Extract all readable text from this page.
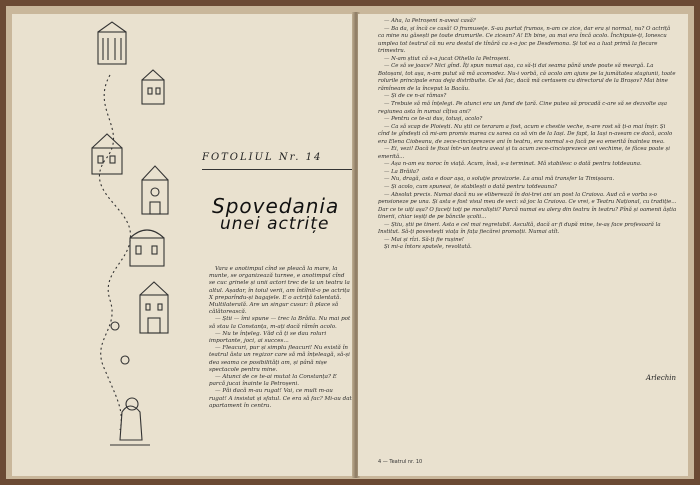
FOTOLIUL Nr. 14
Spovedania
unei actrițe

Vara e anotimpul cînd se pleacă la mare, la munte, se organizează turnee, e anotimpul cînd se cuc grinele și unii actori trec de la un teatru la altul. Așadar, în toiul verii, am întîlnit-o pe actrița X preparîndu-și bagajele. E o actriță talentată. Multilaterală. Are un singur cusur: îi place să călătorească.

— Știi — îmi spune — trec la Brăila. Nu mai pot să stau la Constanța, m-ați dacă rămîn acolo.

— Nu te înțeleg. Văd că ți se dau roluri importante, joci, ai succes...

— Fleacuri, pur și simplu fleacuri! Nu există în teatrul ăsta un regizor care să mă înțeleagă, să-și dea seama ce posibilități am, și până nișe spectacole pentru mine.

— Atunci de ce te-ai mutat la Constanța? E parcă jucai înainte la Petroșeni.

— Păi dacă m-au rugat! Vai, ce mult m-au rugat! A insistat și sfatul. Ce era să fac? Mi-au dat apartament în centru.

— Aha, la Petroșeni n-aveai casă?

— Ba da, și încă ce casă! O frumusețe. S-au purtat frumos, n-am ce zice, dar era și normal, nu? O actriță ca mine nu găsești pe toate drumurile. Ce zicean? A! Eh bine, au mai era încă acolo. Închipuie-ți, Ionescu umplea tot teatrul că nu era destul de tînără ca s-o joc pe Desdemona. Și tot ea a luat primă la fiecare trimestru.

— N-am știut că s-a jucat Othello la Petroșeni.

— Ce să se joace? Nici gînd. Îți spun numai așa, ca să-ți dai seama până unde poate să meargă. La Botoșani, tot așa, n-am putut să mă acomodez. Nu-i vorbă, că acolo am ajuns pe la jumătatea stagiunii, toate rolurile principale erau deja distribuite. Ce să fac, dacă mă certasem cu directorul de la Brașov? Mai bine rămîneam de la început la Bacău.

— Și de ce n-ai rămas?

— Trebuie să mă înțelegi. Pe atunci era un fund de țară. Cine putea să procadă c-are să se dezvolte așa regiunea asta în numai cîțiva ani?

— Pentru ce te-ai dus, totuși, acolo?

— Ca să scap de Ploiești. Nu știi ce teraram a fost, acum e chestie veche, n-are rost să ți-o mai înșir. Și cînd te gîndești că mi-am promis marea cu sarea ca să vin de la Iași. De fapt, la Iași n-aveam ce dacă, acolo era Elena Ciobeanu, de zece-cincisprezece ani în teatru, era normal s-o facă pe ea emerită înaintea mea.

— Ei, vezi! Dacă te fixai într-un teatru aveai și tu acum zece-cincisprezece ani vechime, te făcea poate și emerită...

— Așa n-am eu noroc în viață. Acum, însă, s-a terminat. Mă stabilesc o dată pentru totdeauna.

— La Brăila?

— Nu, dragă, asta e doar așa, o soluție provizorie. La anul mă transfer la Timișoara.

— Și acolo, cum spuneai, te stabilești o dată pentru totdeauna?

— Absolut precis. Numai dacă nu se eliberează în doi-trei ani un post la Craiova. Aud că e vorba s-o pensioneze pe una. Și asta e fost visul meu de veci: să joc la Craiova. Ce vrei, e Teatru Național, cu tradiție... Dar ce te uiți așa? O faceți toți pe moraliștii? Parcă numai eu alerg din teatru în teatru? Pînă și oamenii ăștia tinerii, chiar ieșiți de pe băncile școlii...

— Știu, știi pe tineri. Asta e cel mai regretabil. Ascultă, dacă ar fi după mine, te-aș face profesoară la Institut. Să-ți povestești viața în fața fiecărei promoții. Numai atît.

— Mai și rîzi. Să-ți fie rușine!

Și mi-a întors spatele, revoltată.

Arlechin
4 — Teatrul nr. 10
